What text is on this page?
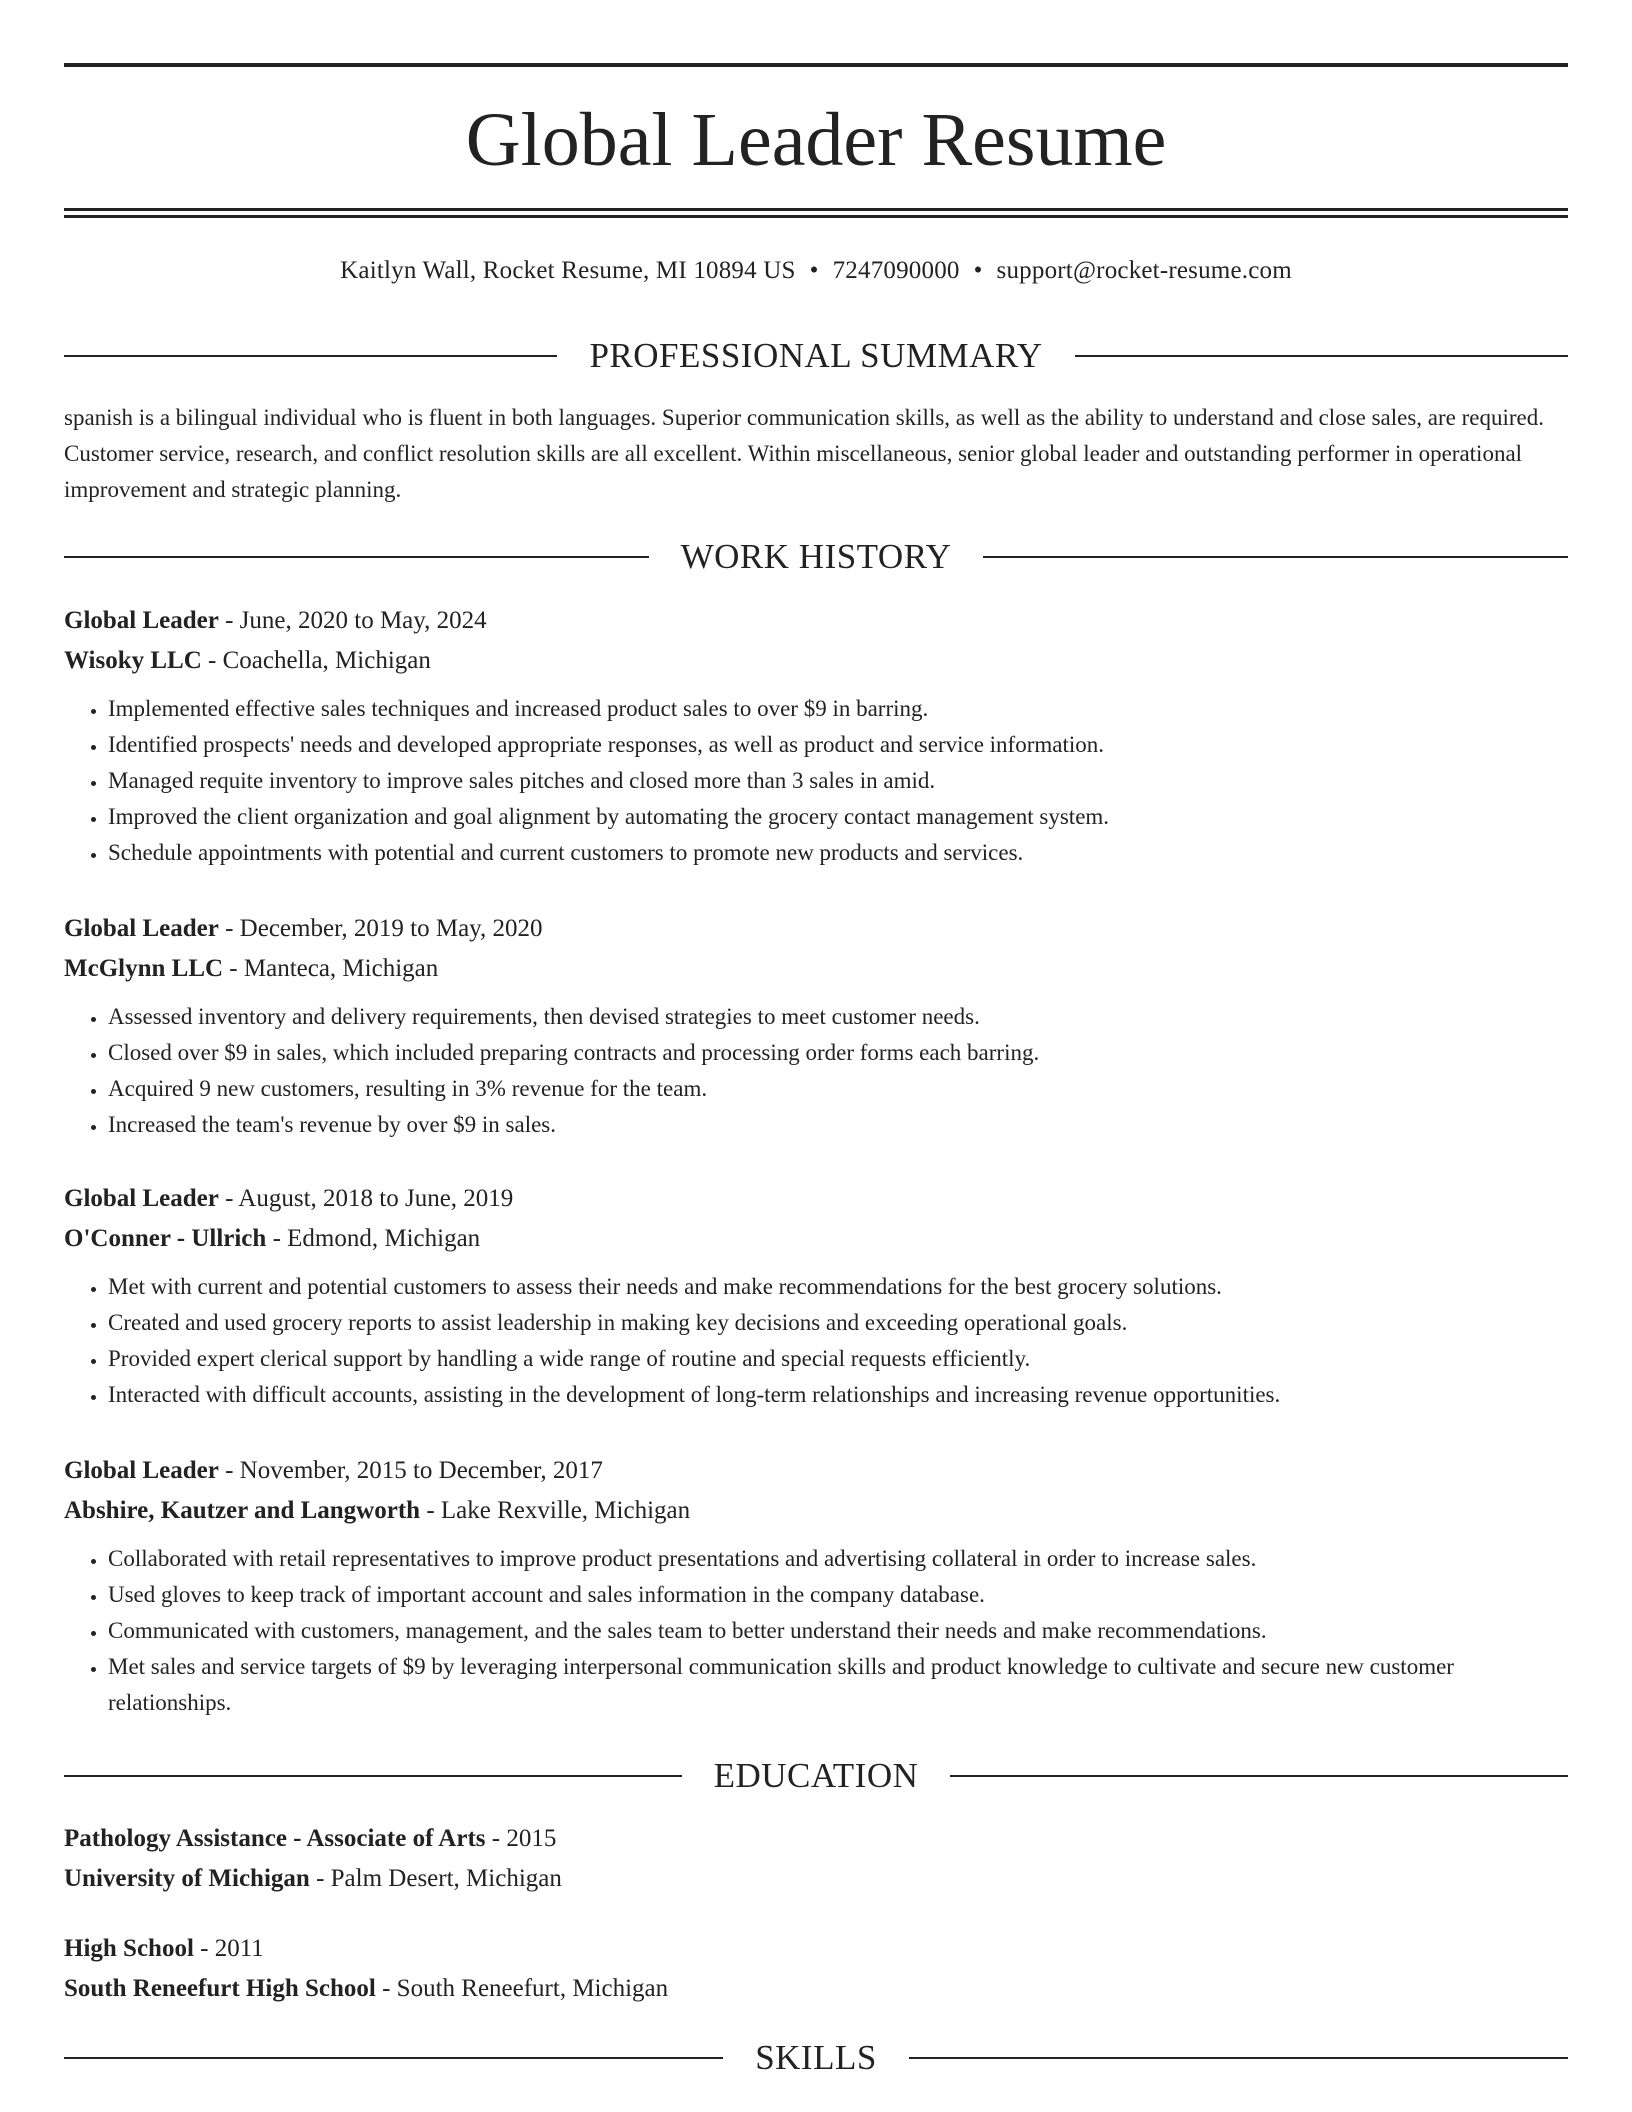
Global Leader Resume
Kaitlyn Wall, Rocket Resume, MI 10894 US • 7247090000 • support@rocket-resume.com
PROFESSIONAL SUMMARY

spanish is a bilingual individual who is fluent in both languages. Superior communication skills, as well as the ability to understand and close sales, are required. Customer service, research, and conflict resolution skills are all excellent. Within miscellaneous, senior global leader and outstanding performer in operational improvement and strategic planning.

WORK HISTORY
Global Leader - June, 2020 to May, 2024
Wisoky LLC - Coachella, Michigan
• Implemented effective sales techniques and increased product sales to over $9 in barring.
• Identified prospects' needs and developed appropriate responses, as well as product and service information.
• Managed requite inventory to improve sales pitches and closed more than 3 sales in amid.
• Improved the client organization and goal alignment by automating the grocery contact management system.
• Schedule appointments with potential and current customers to promote new products and services.
Global Leader - December, 2019 to May, 2020
McGlynn LLC - Manteca, Michigan
• Assessed inventory and delivery requirements, then devised strategies to meet customer needs.
• Closed over $9 in sales, which included preparing contracts and processing order forms each barring.
• Acquired 9 new customers, resulting in 3% revenue for the team.
• Increased the team's revenue by over $9 in sales.
Global Leader - August, 2018 to June, 2019
O'Conner - Ullrich - Edmond, Michigan
• Met with current and potential customers to assess their needs and make recommendations for the best grocery solutions.
• Created and used grocery reports to assist leadership in making key decisions and exceeding operational goals.
• Provided expert clerical support by handling a wide range of routine and special requests efficiently.
• Interacted with difficult accounts, assisting in the development of long-term relationships and increasing revenue opportunities.
Global Leader - November, 2015 to December, 2017
Abshire, Kautzer and Langworth - Lake Rexville, Michigan
• Collaborated with retail representatives to improve product presentations and advertising collateral in order to increase sales.
• Used gloves to keep track of important account and sales information in the company database.
• Communicated with customers, management, and the sales team to better understand their needs and make recommendations.
• Met sales and service targets of $9 by leveraging interpersonal communication skills and product knowledge to cultivate and secure new customer relationships.
EDUCATION
Pathology Assistance - Associate of Arts - 2015
University of Michigan - Palm Desert, Michigan
High School - 2011
South Reneefurt High School - South Reneefurt, Michigan
SKILLS
